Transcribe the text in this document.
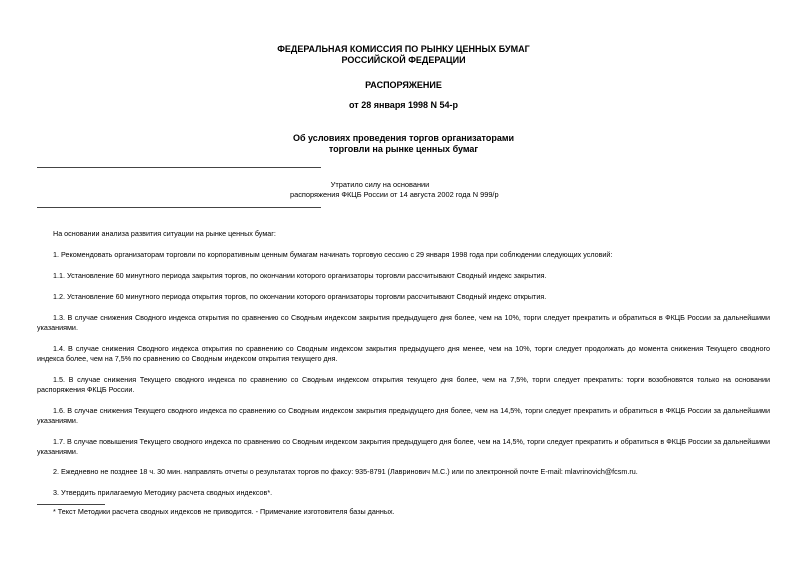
ФЕДЕРАЛЬНАЯ КОМИССИЯ ПО РЫНКУ ЦЕННЫХ БУМАГ
РОССИЙСКОЙ ФЕДЕРАЦИИ
РАСПОРЯЖЕНИЕ
от 28 января 1998 N 54-р
Об условиях проведения торгов организаторами
торговли на рынке ценных бумаг
Утратило силу на основании
распоряжения ФКЦБ России от 14 августа 2002 года N 999/р
На основании анализа развития ситуации на рынке ценных бумаг:
1. Рекомендовать организаторам торговли по корпоративным ценным бумагам начинать торговую сессию с 29 января 1998 года при соблюдении следующих условий:
1.1. Установление 60 минутного периода закрытия торгов, по окончании которого организаторы торговли рассчитывают Сводный индекс закрытия.
1.2. Установление 60 минутного периода открытия торгов, по окончании которого организаторы торговли рассчитывают Сводный индекс открытия.
1.3. В случае снижения Сводного индекса открытия по сравнению со Сводным индексом закрытия предыдущего дня более, чем на 10%, торги следует прекратить и обратиться в ФКЦБ России за дальнейшими указаниями.
1.4. В случае снижения Сводного индекса открытия по сравнению со Сводным индексом закрытия предыдущего дня менее, чем на 10%, торги следует продолжать до момента снижения Текущего сводного индекса более, чем на 7,5% по сравнению со Сводным индексом открытия текущего дня.
1.5. В случае снижения Текущего сводного индекса по сравнению со Сводным индексом открытия текущего дня более, чем на 7,5%, торги следует прекратить: торги возобновятся только на основании распоряжения ФКЦБ России.
1.6. В случае снижения Текущего сводного индекса по сравнению со Сводным индексом закрытия предыдущего дня более, чем на 14,5%, торги следует прекратить и обратиться в ФКЦБ России за дальнейшими указаниями.
1.7. В случае повышения Текущего сводного индекса по сравнению со Сводным индексом закрытия предыдущего дня более, чем на 14,5%, торги следует прекратить и обратиться в ФКЦБ России за дальнейшими указаниями.
2. Ежедневно не позднее 18 ч. 30 мин. направлять отчеты о результатах торгов по факсу: 935-8791 (Лавринович М.С.) или по электронной почте E-mail: mlavrinovich@fcsm.ru.
3. Утвердить прилагаемую Методику расчета сводных индексов*.
* Текст Методики расчета сводных индексов не приводится. - Примечание изготовителя базы данных.
